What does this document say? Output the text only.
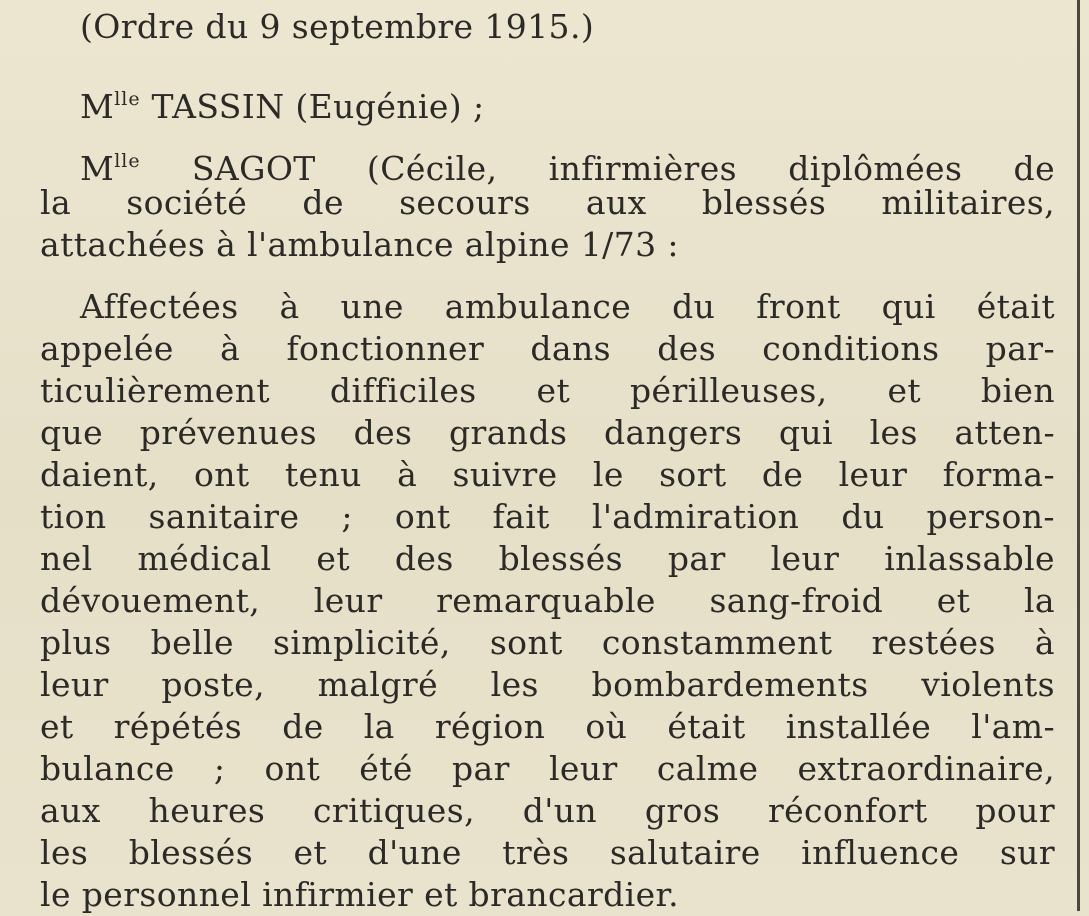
(Ordre du 9 septembre 1915.)
$M^{lle}$ TASSIN (Eugénie) ;
$M^{lle}$ SAGOT (Cécile, infirmières diplômées de
la société de secours aux blessés militaires,
attachées à l'ambulance alpine 1/73 :
Affectées à une ambulance du front qui était
appelée à fonctionner dans des conditions par-
ticulièrement difficiles et périlleuses, et bien
que prévenues des grands dangers qui les atten-
daient, ont tenu à suivre le sort de leur forma-
tion sanitaire ; ont fait l'admiration du person-
nel médical et des blessés par leur inlassable
dévouement, leur remarquable sang-froid et la
plus belle simplicité, sont constamment restées à
leur poste, malgré les bombardements violents
et répétés de la région où était installée l'am-
bulance ; ont été par leur calme extraordinaire,
aux heures critiques, d'un gros réconfort pour
les blessés et d'une très salutaire influence sur
le personnel infirmier et brancardier.
